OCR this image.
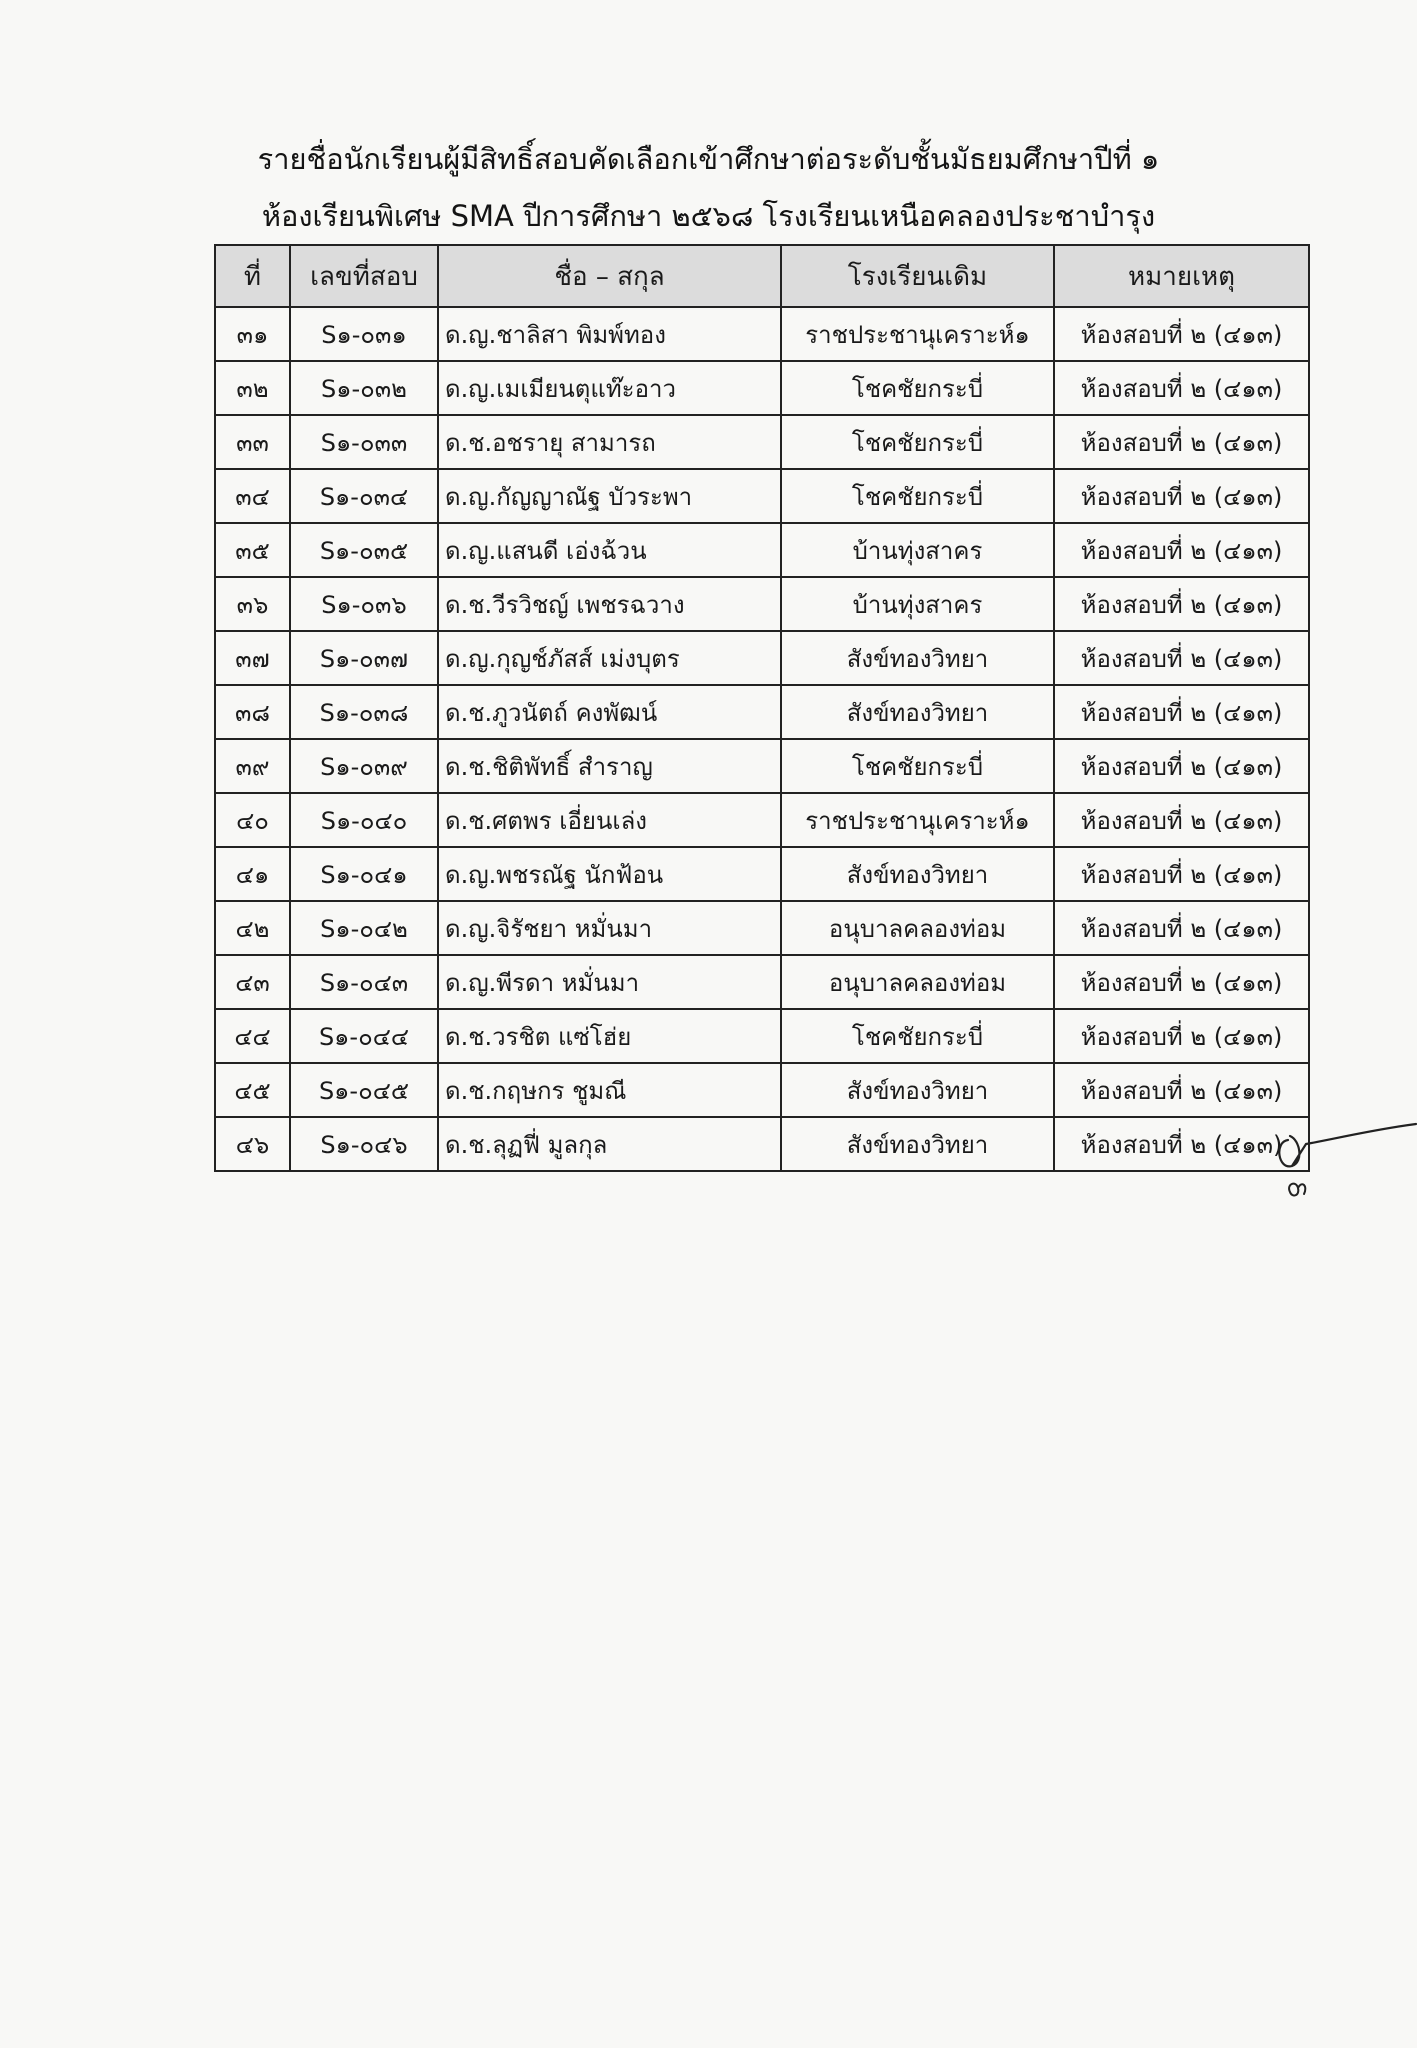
รายชื่อนักเรียนผู้มีสิทธิ์สอบคัดเลือกเข้าศึกษาต่อระดับชั้นมัธยมศึกษาปีที่ ๑
ห้องเรียนพิเศษ SMA ปีการศึกษา ๒๕๖๘ โรงเรียนเหนือคลองประชาบำรุง
ที่	เลขที่สอบ	ชื่อ – สกุล	โรงเรียนเดิม	หมายเหตุ
๓๑	S๑-๐๓๑	ด.ญ.ชาลิสา พิมพ์ทอง	ราชประชานุเคราะห์๑	ห้องสอบที่ ๒ (๔๑๓)
๓๒	S๑-๐๓๒	ด.ญ.เมเมียนตุแท๊ะอาว	โชคชัยกระบี่	ห้องสอบที่ ๒ (๔๑๓)
๓๓	S๑-๐๓๓	ด.ช.อชรายุ สามารถ	โชคชัยกระบี่	ห้องสอบที่ ๒ (๔๑๓)
๓๔	S๑-๐๓๔	ด.ญ.กัญญาณัฐ บัวระพา	โชคชัยกระบี่	ห้องสอบที่ ๒ (๔๑๓)
๓๕	S๑-๐๓๕	ด.ญ.แสนดี เอ่งฉ้วน	บ้านทุ่งสาคร	ห้องสอบที่ ๒ (๔๑๓)
๓๖	S๑-๐๓๖	ด.ช.วีรวิชญ์ เพชรฉวาง	บ้านทุ่งสาคร	ห้องสอบที่ ๒ (๔๑๓)
๓๗	S๑-๐๓๗	ด.ญ.กุญช์ภัสส์ เม่งบุตร	สังข์ทองวิทยา	ห้องสอบที่ ๒ (๔๑๓)
๓๘	S๑-๐๓๘	ด.ช.ภูวนัตถ์ คงพัฒน์	สังข์ทองวิทยา	ห้องสอบที่ ๒ (๔๑๓)
๓๙	S๑-๐๓๙	ด.ช.ชิติพัทธิ์ สำราญ	โชคชัยกระบี่	ห้องสอบที่ ๒ (๔๑๓)
๔๐	S๑-๐๔๐	ด.ช.ศตพร เอี่ยนเล่ง	ราชประชานุเคราะห์๑	ห้องสอบที่ ๒ (๔๑๓)
๔๑	S๑-๐๔๑	ด.ญ.พชรณัฐ นักฟ้อน	สังข์ทองวิทยา	ห้องสอบที่ ๒ (๔๑๓)
๔๒	S๑-๐๔๒	ด.ญ.จิรัชยา หมั่นมา	อนุบาลคลองท่อม	ห้องสอบที่ ๒ (๔๑๓)
๔๓	S๑-๐๔๓	ด.ญ.พีรดา หมั่นมา	อนุบาลคลองท่อม	ห้องสอบที่ ๒ (๔๑๓)
๔๔	S๑-๐๔๔	ด.ช.วรชิต แซ่โฮ่ย	โชคชัยกระบี่	ห้องสอบที่ ๒ (๔๑๓)
๔๕	S๑-๐๔๕	ด.ช.กฤษกร ชูมณี	สังข์ทองวิทยา	ห้องสอบที่ ๒ (๔๑๓)
๔๖	S๑-๐๔๖	ด.ช.ลุฏฟี่ มูลกุล	สังข์ทองวิทยา	ห้องสอบที่ ๒ (๔๑๓)
